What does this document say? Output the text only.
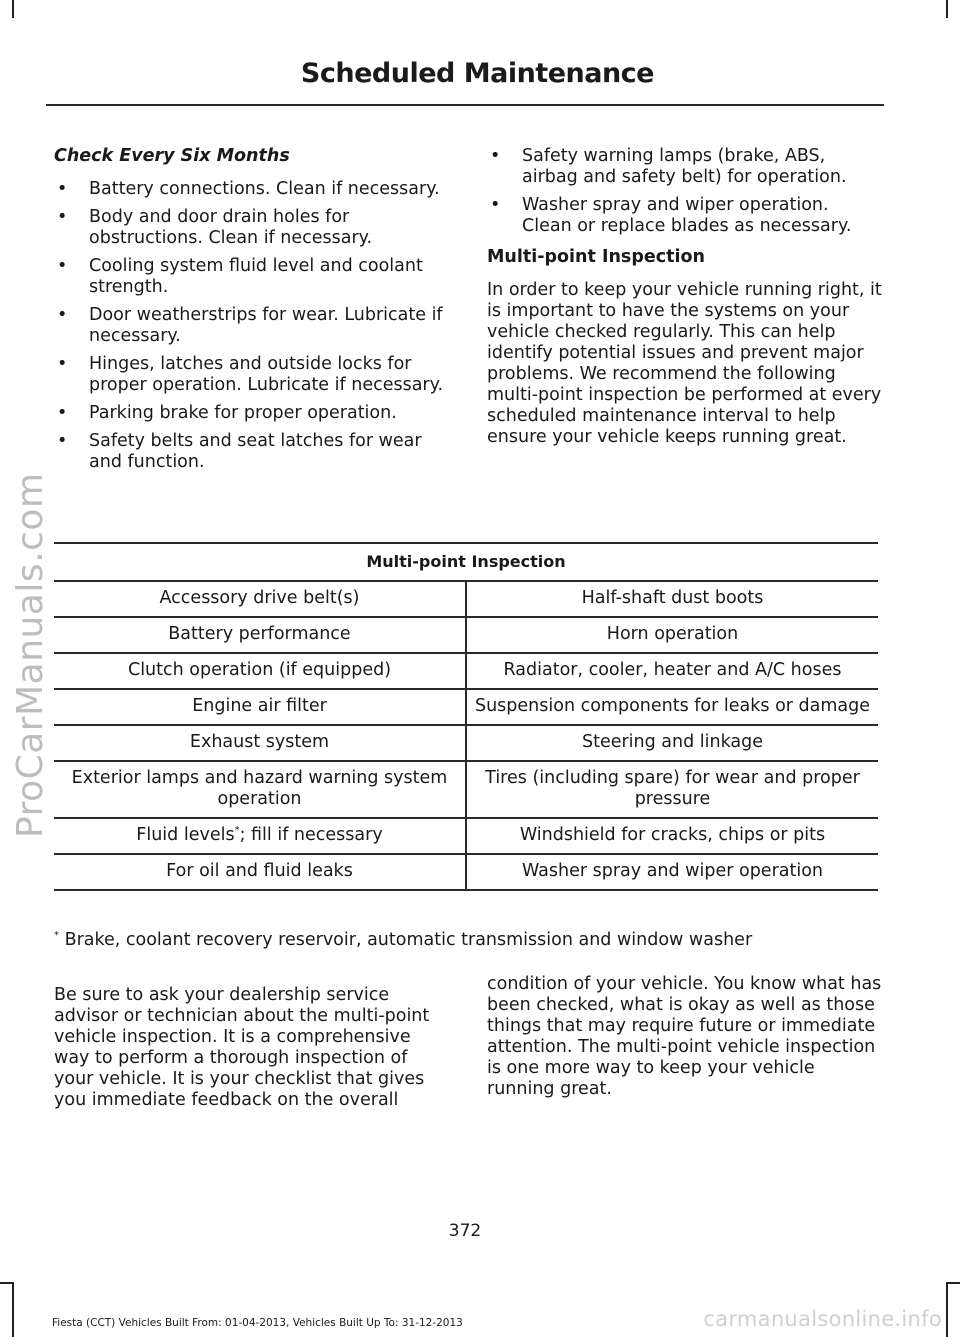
Scheduled Maintenance
ProCarManuals.com

Check Every Six Months

• Battery connections. Clean if necessary.
• Body and door drain holes for obstructions. Clean if necessary.
• Cooling system fluid level and coolant strength.
• Door weatherstrips for wear. Lubricate if necessary.
• Hinges, latches and outside locks for proper operation. Lubricate if necessary.
• Parking brake for proper operation.
• Safety belts and seat latches for wear and function.
• Safety warning lamps (brake, ABS, airbag and safety belt) for operation.
• Washer spray and wiper operation. Clean or replace blades as necessary.

Multi-point Inspection

In order to keep your vehicle running right, it is important to have the systems on your vehicle checked regularly. This can help identify potential issues and prevent major problems. We recommend the following multi-point inspection be performed at every scheduled maintenance interval to help ensure your vehicle keeps running great.

Multi-point Inspection	
Accessory drive belt(s)	Half-shaft dust boots
Battery performance	Horn operation
Clutch operation (if equipped)	Radiator, cooler, heater and A/C hoses
Engine air filter	Suspension components for leaks or damage
Exhaust system	Steering and linkage
Exterior lamps and hazard warning system operation	Tires (including spare) for wear and proper pressure
Fluid levels*; fill if necessary	Windshield for cracks, chips or pits
For oil and fluid leaks	Washer spray and wiper operation
* Brake, coolant recovery reservoir, automatic transmission and window washer
Be sure to ask your dealership service advisor or technician about the multi-point vehicle inspection. It is a comprehensive way to perform a thorough inspection of your vehicle. It is your checklist that gives you immediate feedback on the overall
condition of your vehicle. You know what has been checked, what is okay as well as those things that may require future or immediate attention. The multi-point vehicle inspection is one more way to keep your vehicle running great.
372
Fiesta (CCT) Vehicles Built From: 01-04-2013, Vehicles Built Up To: 31-12-2013	carmanualsonline.info
